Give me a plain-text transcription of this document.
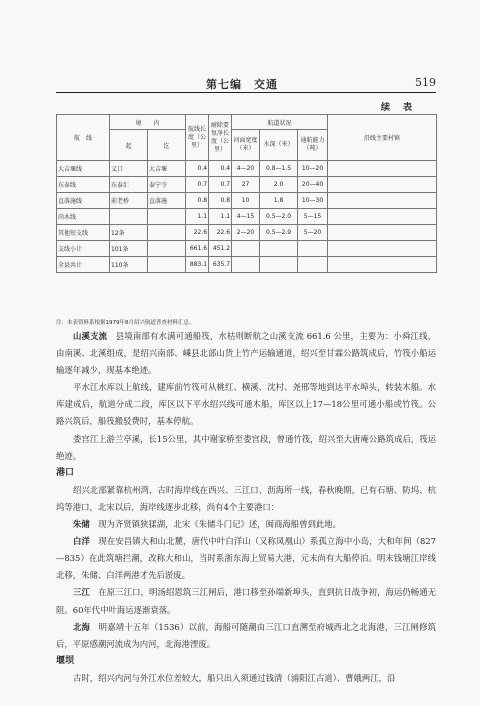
第七编　交通	519
续　表
航　线	境　　内		航线长度（公里）	耐除要复净长度（公里）	航道状况			沿线主要村镇
	起	讫			河面宽度（米）	水深（米）	通航能力（吨）	
大吉堰线	义口	大吉堰	0.4	0.4	4—20	0.8—1.5	10—20	
东泰线	东泰汇	泰宁寺	0.7	0.7	27	2.0	20—40	
直落施线	前老桥	直落施	0.8	0.8	10	1.8	10—30	
尚木线			1.1	1.1	4—15	0.5—2.0	5—15	
其他短支线	12条		22.6	22.6	2—20	0.5—2.9	5—20	
支线小计	101条		661.6	451.2				
全县共计	110条		883.1	635.7				
注：本表资料系根据1979年8月绍兴航道普查材料汇总。

山溪支流　 县境南部有水满可通船筏，水枯则断航之山溪支流 661.6 公里，主要为：小舜江线，由南溪、北溪组成，是绍兴南部、嵊县北部山货上竹产运输通道，绍兴至甘霖公路筑成后，竹筏小船运输逐年减少，现基本绝迹。

平水江水库以上航线，建库前竹筏可从桃红、横溪、沈村、尧邢等地到达平水埠头，转装木船。水库建成后，航道分成二段，库区以下平水绍兴线可通木船，库区以上17—18公里可通小船或竹筏。公路兴筑后，船筏搬驳费时，基本停航。

娄宫江上游兰亭溪，长15公里，其中谢家桥至娄宫段，曾通竹筏，绍兴至大唐庵公路筑成后，筏运绝迹。

港口

绍兴北部紧靠杭州湾，古时海岸线在西兴、三江口、沥海所一线，春秋晚期，已有石塘、防坞、杭坞等港口，北宋以后，海岸线逐步北移，尚有4个主要港口：

朱储　 现为齐贤镇狭猱湖，北宋《朱储斗门记》述，闽商海船曾到此地。

白洋　 现在安昌镇大和山北麓，唐代中叶白洋山（又称凤凰山）系孤立海中小岛，大和年间（827—835）在此筑塘拦潮，改称大和山，当时系浙东海上贸易大港，元末尚有大船停泊。明末钱塘江岸线北移，朱储、白洋两港才先后淤废。

三江　 在原三江口，明汤绍恩筑三江闸后，港口移至孙端新埠头，直到抗日战争初，海运仍畅通无阻。60年代中叶海运逐渐衰落。

北海　 明嘉靖十五年（1536）以前，海船可随潮由三江口直溯至府城西北之北海港，三江闸修筑后，平原感潮河流成为内河，北海港湮废。

堰坝

古时，绍兴内河与外江水位差较大，船只出入须通过钱清（浦阳江古道）、曹娥两江，沿
